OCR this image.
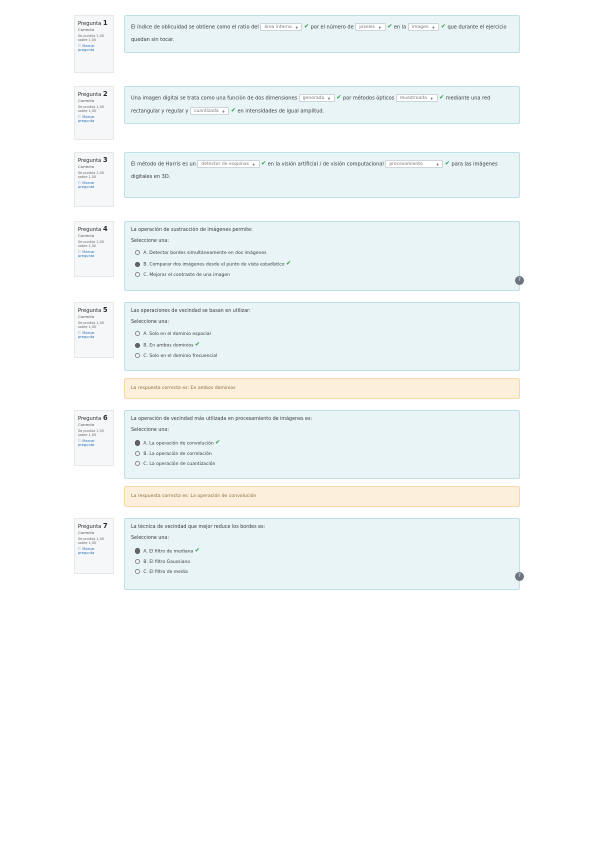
Pregunta 1
Correcta
Se puntúa 1,00 sobre 1,00
⚐ Marcar pregunta
El índice de oblicuidad se obtiene como el ratio del área interna ♦ ✔ por el número de píxeles ♦ ✔ en la imagen ♦ ✔ que durante el ejercicio quedan sin tocar.
Pregunta 2
Correcta
Se puntúa 1,00 sobre 1,00
⚐ Marcar pregunta
Una imagen digital se trata como una función de dos dimensiones generada ♦ ✔ por métodos ópticos muestreada ♦ ✔ mediante una red rectangular y regular y cuantizada ♦ ✔ en intensidades de igual amplitud.
Pregunta 3
Correcta
Se puntúa 1,00 sobre 1,00
⚐ Marcar pregunta
El método de Harris es un detector de esquinas ♦ ✔ en la visión artificial / de visión computacional procesamiento	♦ ✔ para las imágenes digitales en 3D.
Pregunta 4
Correcta
Se puntúa 1,00 sobre 1,00
⚐ Marcar pregunta
La operación de sustracción de imágenes permite:
Seleccione una:
A. Detectar bordes simultáneamente en dos imágenes
B. Comparar dos imágenes desde el punto de vista estadístico ✔
C. Mejorar el contraste de una imagen
?
Pregunta 5
Correcta
Se puntúa 1,00 sobre 1,00
⚐ Marcar pregunta
Las operaciones de vecindad se basan en utilizar:
Seleccione una:
A. Solo en el dominio espacial
B. En ambos dominios ✔
C. Solo en el dominio frecuencial
La respuesta correcta es: En ambos dominios
Pregunta 6
Correcta
Se puntúa 1,00 sobre 1,00
⚐ Marcar pregunta
La operación de vecindad más utilizada en procesamiento de imágenes es:
Seleccione una:
A. La operación de convolución ✔
B. La operación de correlación
C. La operación de cuantización
La respuesta correcta es: La operación de convolución
Pregunta 7
Correcta
Se puntúa 1,00 sobre 1,00
⚐ Marcar pregunta
La técnica de vecindad que mejor reduce los bordes es:
Seleccione una:
A. El filtro de mediana ✔
B. El filtro Gaussiano
C. El filtro de media
?
